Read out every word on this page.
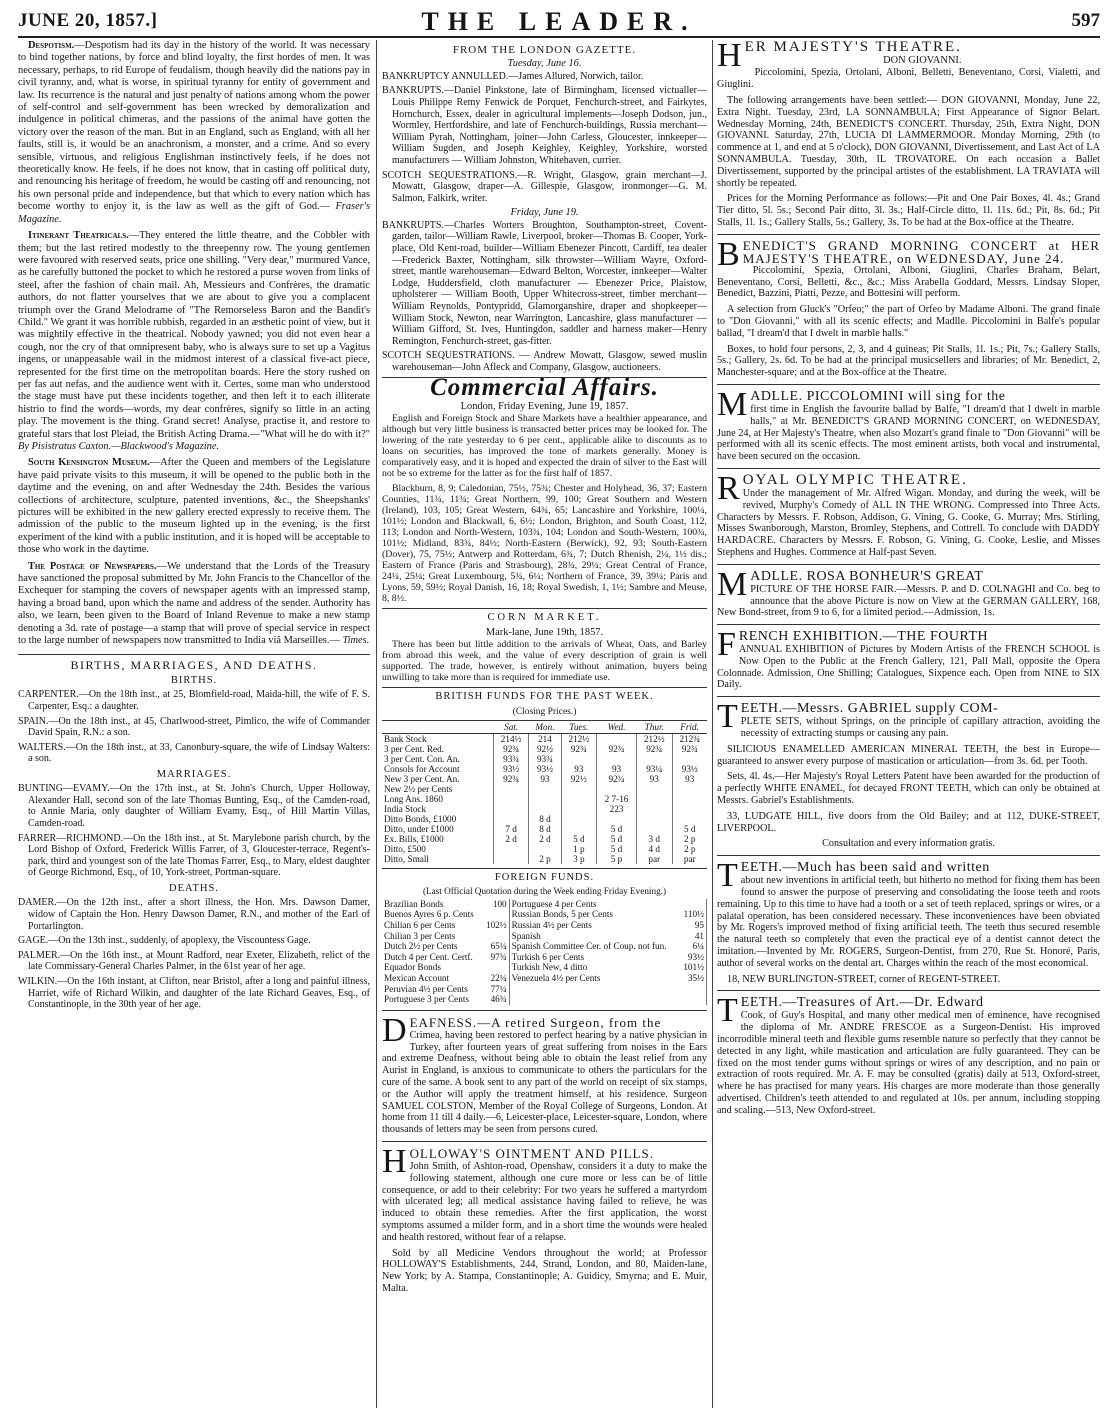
JUNE 20, 1857.]	THE LEADER.	597

Despotism.—Despotism had its day in the history of the world. It was necessary to bind together nations, by force and blind loyalty, the first hordes of men. It was necessary, perhaps, to rid Europe of feudalism, though heavily did the nations pay in civil tyranny, and, what is worse, in spiritual tyranny for entity of government and law. Its recurrence is the natural and just penalty of nations among whom the power of self-control and self-government has been wrecked by demoralization and indulgence in political chimeras, and the passions of the animal have gotten the victory over the reason of the man. But in an England, such as England, with all her faults, still is, it would be an anachronism, a monster, and a crime. And so every sensible, virtuous, and religious Englishman instinctively feels, if he does not theoretically know. He feels, if he does not know, that in casting off political duty, and renouncing his heritage of freedom, he would be casting off and renouncing, not his own personal pride and independence, but that which to every nation which has become worthy to enjoy it, is the law as well as the gift of God.— Fraser's Magazine.

Itinerant Theatricals.—They entered the little theatre, and the Cobbler with them; but the last retired modestly to the threepenny row. The young gentlemen were favoured with reserved seats, price one shilling. "Very dear," murmured Vance, as he carefully buttoned the pocket to which he restored a purse woven from links of steel, after the fashion of chain mail. Ah, Messieurs and Confrères, the dramatic authors, do not flatter yourselves that we are about to give you a complacent triumph over the Grand Melodrame of "The Remorseless Baron and the Bandit's Child." We grant it was horrible rubbish, regarded in an æsthetic point of view, but it was mightily effective in the theatrical. Nobody yawned; you did not even hear a cough, nor the cry of that omnipresent baby, who is always sure to set up a Vagitus ingens, or unappeasable wail in the midmost interest of a classical five-act piece, represented for the first time on the metropolitan boards. Here the story rushed on per fas aut nefas, and the audience went with it. Certes, some man who understood the stage must have put these incidents together, and then left it to each illiterate histrio to find the words—words, my dear confrères, signify so little in an acting play. The movement is the thing. Grand secret! Analyse, practise it, and restore to grateful stars that lost Pleiad, the British Acting Drama.—"What will he do with it?" By Pisistratus Caxton.—Blackwood's Magazine.

South Kensington Museum.—After the Queen and members of the Legislature have paid private visits to this museum, it will be opened to the public both in the daytime and the evening, on and after Wednesday the 24th. Besides the various collections of architecture, sculpture, patented inventions, &c., the Sheepshanks' pictures will be exhibited in the new gallery erected expressly to receive them. The admission of the public to the museum lighted up in the evening, is the first experiment of the kind with a public institution, and it is hoped will be acceptable to those who work in the daytime.

The Postage of Newspapers.—We understand that the Lords of the Treasury have sanctioned the proposal submitted by Mr. John Francis to the Chancellor of the Exchequer for stamping the covers of newspaper agents with an impressed stamp, having a broad band, upon which the name and address of the sender. Authority has also, we learn, been given to the Board of Inland Revenue to make a new stamp denoting a 3d. rate of postage—a stamp that will prove of special service in respect to the large number of newspapers now transmitted to India viâ Marseilles.— Times.

BIRTHS, MARRIAGES, AND DEATHS.
BIRTHS.
CARPENTER.—On the 18th inst., at 25, Blomfield-road, Maida-hill, the wife of F. S. Carpenter, Esq.: a daughter.
SPAIN.—On the 18th inst., at 45, Charlwood-street, Pimlico, the wife of Commander David Spain, R.N.: a son.
WALTERS.—On the 18th inst., at 33, Canonbury-square, the wife of Lindsay Walters: a son.
MARRIAGES.
BUNTING—EVAMY.—On the 17th inst., at St. John's Church, Upper Holloway, Alexander Hall, second son of the late Thomas Bunting, Esq., of the Camden-road, to Annie Maria, only daughter of William Evamy, Esq., of Hill Martin Villas, Camden-road.
FARRER—RICHMOND.—On the 18th inst., at St. Marylebone parish church, by the Lord Bishop of Oxford, Frederick Willis Farrer, of 3, Gloucester-terrace, Regent's-park, third and youngest son of the late Thomas Farrer, Esq., to Mary, eldest daughter of George Richmond, Esq., of 10, York-street, Portman-square.
DEATHS.
DAMER.—On the 12th inst., after a short illness, the Hon. Mrs. Dawson Damer, widow of Captain the Hon. Henry Dawson Damer, R.N., and mother of the Earl of Portarlington.
GAGE.—On the 13th inst., suddenly, of apoplexy, the Viscountess Gage.
PALMER.—On the 16th inst., at Mount Radford, near Exeter, Elizabeth, relict of the late Commissary-General Charles Palmer, in the 61st year of her age.
WILKIN.—On the 16th instant, at Clifton, near Bristol, after a long and painful illness, Harriet, wife of Richard Wilkin, and daughter of the late Richard Geaves, Esq., of Constantinople, in the 30th year of her age.
FROM THE LONDON GAZETTE.
Tuesday, June 16.
BANKRUPTCY ANNULLED.—James Allured, Norwich, tailor.
BANKRUPTS.—Daniel Pinkstone, late of Birmingham, licensed victualler—Louis Philippe Remy Fenwick de Porquet, Fenchurch-street, and Fairkytes, Hornchurch, Essex, dealer in agricultural implements—Joseph Dodson, jun., Wormley, Hertfordshire, and late of Fenchurch-buildings, Russia merchant—William Pyrah, Nottingham, joiner—John Carless, Gloucester, innkeeper—William Sugden, and Joseph Keighley, Keighley, Yorkshire, worsted manufacturers — William Johnston, Whitehaven, currier.
SCOTCH SEQUESTRATIONS.—R. Wright, Glasgow, grain merchant—J. Mowatt, Glasgow, draper—A. Gillespie, Glasgow, ironmonger—G. M. Salmon, Falkirk, writer.
Friday, June 19.
BANKRUPTS.—Charles Worters Broughton, Southampton-street, Covent-garden, tailor—William Rawle, Liverpool, broker—Thomas B. Cooper, York-place, Old Kent-road, builder—William Ebenezer Pincott, Cardiff, tea dealer—Frederick Baxter, Nottingham, silk throwster—William Wayre, Oxford-street, mantle warehouseman—Edward Belton, Worcester, innkeeper—Walter Lodge, Huddersfield, cloth manufacturer — Ebenezer Price, Plaistow, upholsterer — William Booth, Upper Whitecross-street, timber merchant—William Reynolds, Pontypridd, Glamorganshire, draper and shopkeeper—William Stock, Newton, near Warrington, Lancashire, glass manufacturer — William Gifford, St. Ives, Huntingdon, saddler and harness maker—Henry Remington, Fenchurch-street, gas-fitter.
SCOTCH SEQUESTRATIONS. — Andrew Mowatt, Glasgow, sewed muslin warehouseman—John Afleck and Company, Glasgow, auctioneers.
Commercial Affairs.
London, Friday Evening, June 19, 1857.

English and Foreign Stock and Share Markets have a healthier appearance, and although but very little business is transacted better prices may be looked for. The lowering of the rate yesterday to 6 per cent., applicable alike to discounts as to loans on securities, has improved the tone of markets generally. Money is comparatively easy, and it is hoped and expected the drain of silver to the East will not be so extreme for the latter as for the first half of 1857.

Blackburn, 8, 9; Caledonian, 75½, 75¾; Chester and Holyhead, 36, 37; Eastern Counties, 11¾, 11¾; Great Northern, 99, 100; Great Southern and Western (Ireland), 103, 105; Great Western, 64¾, 65; Lancashire and Yorkshire, 100¼, 101½; London and Blackwall, 6, 6½; London, Brighton, and South Coast, 112, 113; London and North-Western, 103¾, 104; London and South-Western, 100¾, 101½; Midland, 83¾, 84½; North-Eastern (Berwick), 92, 93; South-Eastern (Dover), 75, 75½; Antwerp and Rotterdam, 6¾, 7; Dutch Rhenish, 2¼, 1½ dis.; Eastern of France (Paris and Strasbourg), 28¾, 29¼; Great Central of France, 24¼, 25¼; Great Luxembourg, 5¾, 6¼; Northern of France, 39, 39¼; Paris and Lyons, 59, 59½; Royal Danish, 16, 18; Royal Swedish, 1, 1½; Sambre and Meuse, 8, 8½.

CORN MARKET.
Mark-lane, June 19th, 1857.

There has been but little addition to the arrivals of Wheat, Oats, and Barley from abroad this week, and the value of every description of grain is well supported. The trade, however, is entirely without animation, buyers being unwilling to take more than is required for immediate use.

BRITISH FUNDS FOR THE PAST WEEK.
(Closing Prices.)
	Sat.	Mon.	Tues.	Wed.	Thur.	Frid.
Bank Stock	214½	214	212½		212½	212¾
3 per Cent. Red.	92¾	92½	92¾	92¾	92¾	92¾
3 per Cent. Con. An.	93¾	93¾				
Consols for Account	93½	93½	93	93	93¼	93½
New 3 per Cent. An.	92¾	93	92½	92¾	93	93
New 2½ per Cents						
Long Ans. 1860				2 7-16		
India Stock				223		
Ditto Bonds, £1000		8 d				
Ditto, under £1000	7 d	8 d		5 d		5 d
Ex. Bills, £1000	2 d	2 d	5 d	5 d	3 d	2 p
Ditto, £500			1 p	5 d	4 d	2 p
Ditto, Small		2 p	3 p	5 p	par	par
FOREIGN FUNDS.
(Last Official Quotation during the Week ending Friday Evening.)
Brazilian Bonds	100	Portuguese 4 per Cents	
Buenos Ayres 6 p. Cents		Russian Bonds, 5 per Cents	110½
Chilian 6 per Cents	102½	Russian 4½ per Cents	95
Chilian 3 per Cents		Spanish	41
Dutch 2½ per Cents	65¼	Spanish Committee Cer. of Coup. not fun.	6¼
Dutch 4 per Cent. Certf.	97¾	Turkish 6 per Cents	93½
Equador Bonds		Turkish New, 4 ditto	101½
Mexican Account	22¼	Venezuela 4½ per Cents	35½
Peruvian 4½ per Cents	77¼		
Portuguese 3 per Cents	46¾		
D EAFNESS.—A retired Surgeon, from the

Crimea, having been restored to perfect hearing by a native physician in Turkey, after fourteen years of great suffering from noises in the Ears and extreme Deafness, without being able to obtain the least relief from any Aurist in England, is anxious to communicate to others the particulars for the cure of the same. A book sent to any part of the world on receipt of six stamps, or the Author will apply the treatment himself, at his residence. Surgeon SAMUEL COLSTON, Member of the Royal College of Surgeons, London. At home from 11 till 4 daily.—6, Leicester-place, Leicester-square, London, where thousands of letters may be seen from persons cured.

H OLLOWAY'S OINTMENT AND PILLS.

John Smith, of Ashton-road, Openshaw, considers it a duty to make the following statement, although one cure more or less can be of little consequence, or add to their celebrity: For two years he suffered a martyrdom with ulcerated leg; all medical assistance having failed to relieve, he was induced to obtain these remedies. After the first application, the worst symptoms assumed a milder form, and in a short time the wounds were healed and health restored, without fear of a relapse.

Sold by all Medicine Vendors throughout the world; at Professor HOLLOWAY'S Establishments, 244, Strand, London, and 80, Maiden-lane, New York; by A. Stampa, Constantinople; A. Guidicy, Smyrna; and E. Muir, Malta.

H ER MAJESTY'S THEATRE.
DON GIOVANNI.

Piccolomini, Spezia, Ortolani, Alboni, Belletti, Beneventano, Corsi, Vialetti, and Giuglini.

The following arrangements have been settled:— DON GIOVANNI, Monday, June 22, Extra Night. Tuesday, 23rd, LA SONNAMBULA; First Appearance of Signor Belart. Wednesday Morning, 24th, BENEDICT'S CONCERT. Thursday, 25th, Extra Night, DON GIOVANNI. Saturday, 27th, LUCIA DI LAMMERMOOR. Monday Morning, 29th (to commence at 1, and end at 5 o'clock), DON GIOVANNI, Divertissement, and Last Act of LA SONNAMBULA. Tuesday, 30th, IL TROVATORE. On each occasion a Ballet Divertissement, supported by the principal artistes of the establishment. LA TRAVIATA will shortly be repeated.

Prices for the Morning Performance as follows:—Pit and One Pair Boxes, 4l. 4s.; Grand Tier ditto, 5l. 5s.; Second Pair ditto, 3l. 3s.; Half-Circle ditto, 1l. 11s. 6d.; Pit, 8s. 6d.; Pit Stalls, 1l. 1s.; Gallery Stalls, 5s.; Gallery, 3s. To be had at the Box-office at the Theatre.

B ENEDICT'S GRAND MORNING CONCERT at HER MAJESTY'S THEATRE, on WEDNESDAY, June 24.

Piccolomini, Spezia, Ortolani, Alboni, Giuglini, Charles Braham, Belart, Beneventano, Corsi, Belletti, &c., &c.; Miss Arabella Goddard, Messrs. Lindsay Sloper, Benedict, Bazzini, Piatti, Pezze, and Bottesini will perform.

A selection from Gluck's "Orfeo;" the part of Orfeo by Madame Alboni. The grand finale to "Don Giovanni," with all its scenic effects; and Madlle. Piccolomini in Balfe's popular ballad, "I dream'd that I dwelt in marble halls."

Boxes, to hold four persons, 2, 3, and 4 guineas; Pit Stalls, 1l. 1s.; Pit, 7s.; Gallery Stalls, 5s.; Gallery, 2s. 6d. To be had at the principal musicsellers and libraries; of Mr. Benedict, 2, Manchester-square; and at the Box-office at the Theatre.

M ADLLE. PICCOLOMINI will sing for the

first time in English the favourite ballad by Balfe, "I dream'd that I dwelt in marble halls," at Mr. BENEDICT'S GRAND MORNING CONCERT, on WEDNESDAY, June 24, at Her Majesty's Theatre, when also Mozart's grand finale to "Don Giovanni" will be performed with all its scenic effects. The most eminent artists, both vocal and instrumental, have been secured on the occasion.

R OYAL OLYMPIC THEATRE.

Under the management of Mr. Alfred Wigan. Monday, and during the week, will be revived, Murphy's Comedy of ALL IN THE WRONG. Compressed into Three Acts. Characters by Messrs. F. Robson, Addison, G. Vining, G. Cooke, G. Murray; Mrs. Stirling, Misses Swanborough, Marston, Bromley, Stephens, and Cottrell. To conclude with DADDY HARDACRE. Characters by Messrs. F. Robson, G. Vining, G. Cooke, Leslie, and Misses Stephens and Hughes. Commence at Half-past Seven.

M ADLLE. ROSA BONHEUR'S GREAT

PICTURE OF THE HORSE FAIR.—Messrs. P. and D. COLNAGHI and Co. beg to announce that the above Picture is now on View at the GERMAN GALLERY, 168, New Bond-street, from 9 to 6, for a limited period.—Admission, 1s.

F RENCH EXHIBITION.—THE FOURTH

ANNUAL EXHIBITION of Pictures by Modern Artists of the FRENCH SCHOOL is Now Open to the Public at the French Gallery, 121, Pall Mall, opposite the Opera Colonnade. Admission, One Shilling; Catalogues, Sixpence each. Open from NINE to SIX Daily.

T EETH.—Messrs. GABRIEL supply COM-

PLETE SETS, without Springs, on the principle of capillary attraction, avoiding the necessity of extracting stumps or causing any pain.

SILICIOUS ENAMELLED AMERICAN MINERAL TEETH, the best in Europe—guaranteed to answer every purpose of mastication or articulation—from 3s. 6d. per Tooth.

Sets, 4l. 4s.—Her Majesty's Royal Letters Patent have been awarded for the production of a perfectly WHITE ENAMEL, for decayed FRONT TEETH, which can only be obtained at Messrs. Gabriel's Establishments.

33, LUDGATE HILL, five doors from the Old Bailey; and at 112, DUKE-STREET, LIVERPOOL.

Consultation and every information gratis.

T EETH.—Much has been said and written

about new inventions in artificial teeth, but hitherto no method for fixing them has been found to answer the purpose of preserving and consolidating the loose teeth and roots remaining. Up to this time to have had a tooth or a set of teeth replaced, springs or wires, or a palatal operation, has been considered necessary. These inconveniences have been obviated by Mr. Rogers's improved method of fixing artificial teeth. The teeth thus secured resemble the natural teeth so completely that even the practical eye of a dentist cannot detect the imitation.—Invented by Mr. ROGERS, Surgeon-Dentist, from 270, Rue St. Honoré, Paris, author of several works on the dental art. Charges within the reach of the most economical.

18, NEW BURLINGTON-STREET, corner of REGENT-STREET.

T EETH.—Treasures of Art.—Dr. Edward

Cook, of Guy's Hospital, and many other medical men of eminence, have recognised the diploma of Mr. ANDRE FRESCOE as a Surgeon-Dentist. His improved incorrodible mineral teeth and flexible gums resemble nature so perfectly that they cannot be detected in any light, while mastication and articulation are fully guaranteed. They can be fixed on the most tender gums without springs or wires of any description, and no pain or extraction of roots required. Mr. A. F. may be consulted (gratis) daily at 513, Oxford-street, where he has practised for many years. His charges are more moderate than those generally advertised. Children's teeth attended to and regulated at 10s. per annum, including stopping and scaling.—513, New Oxford-street.
